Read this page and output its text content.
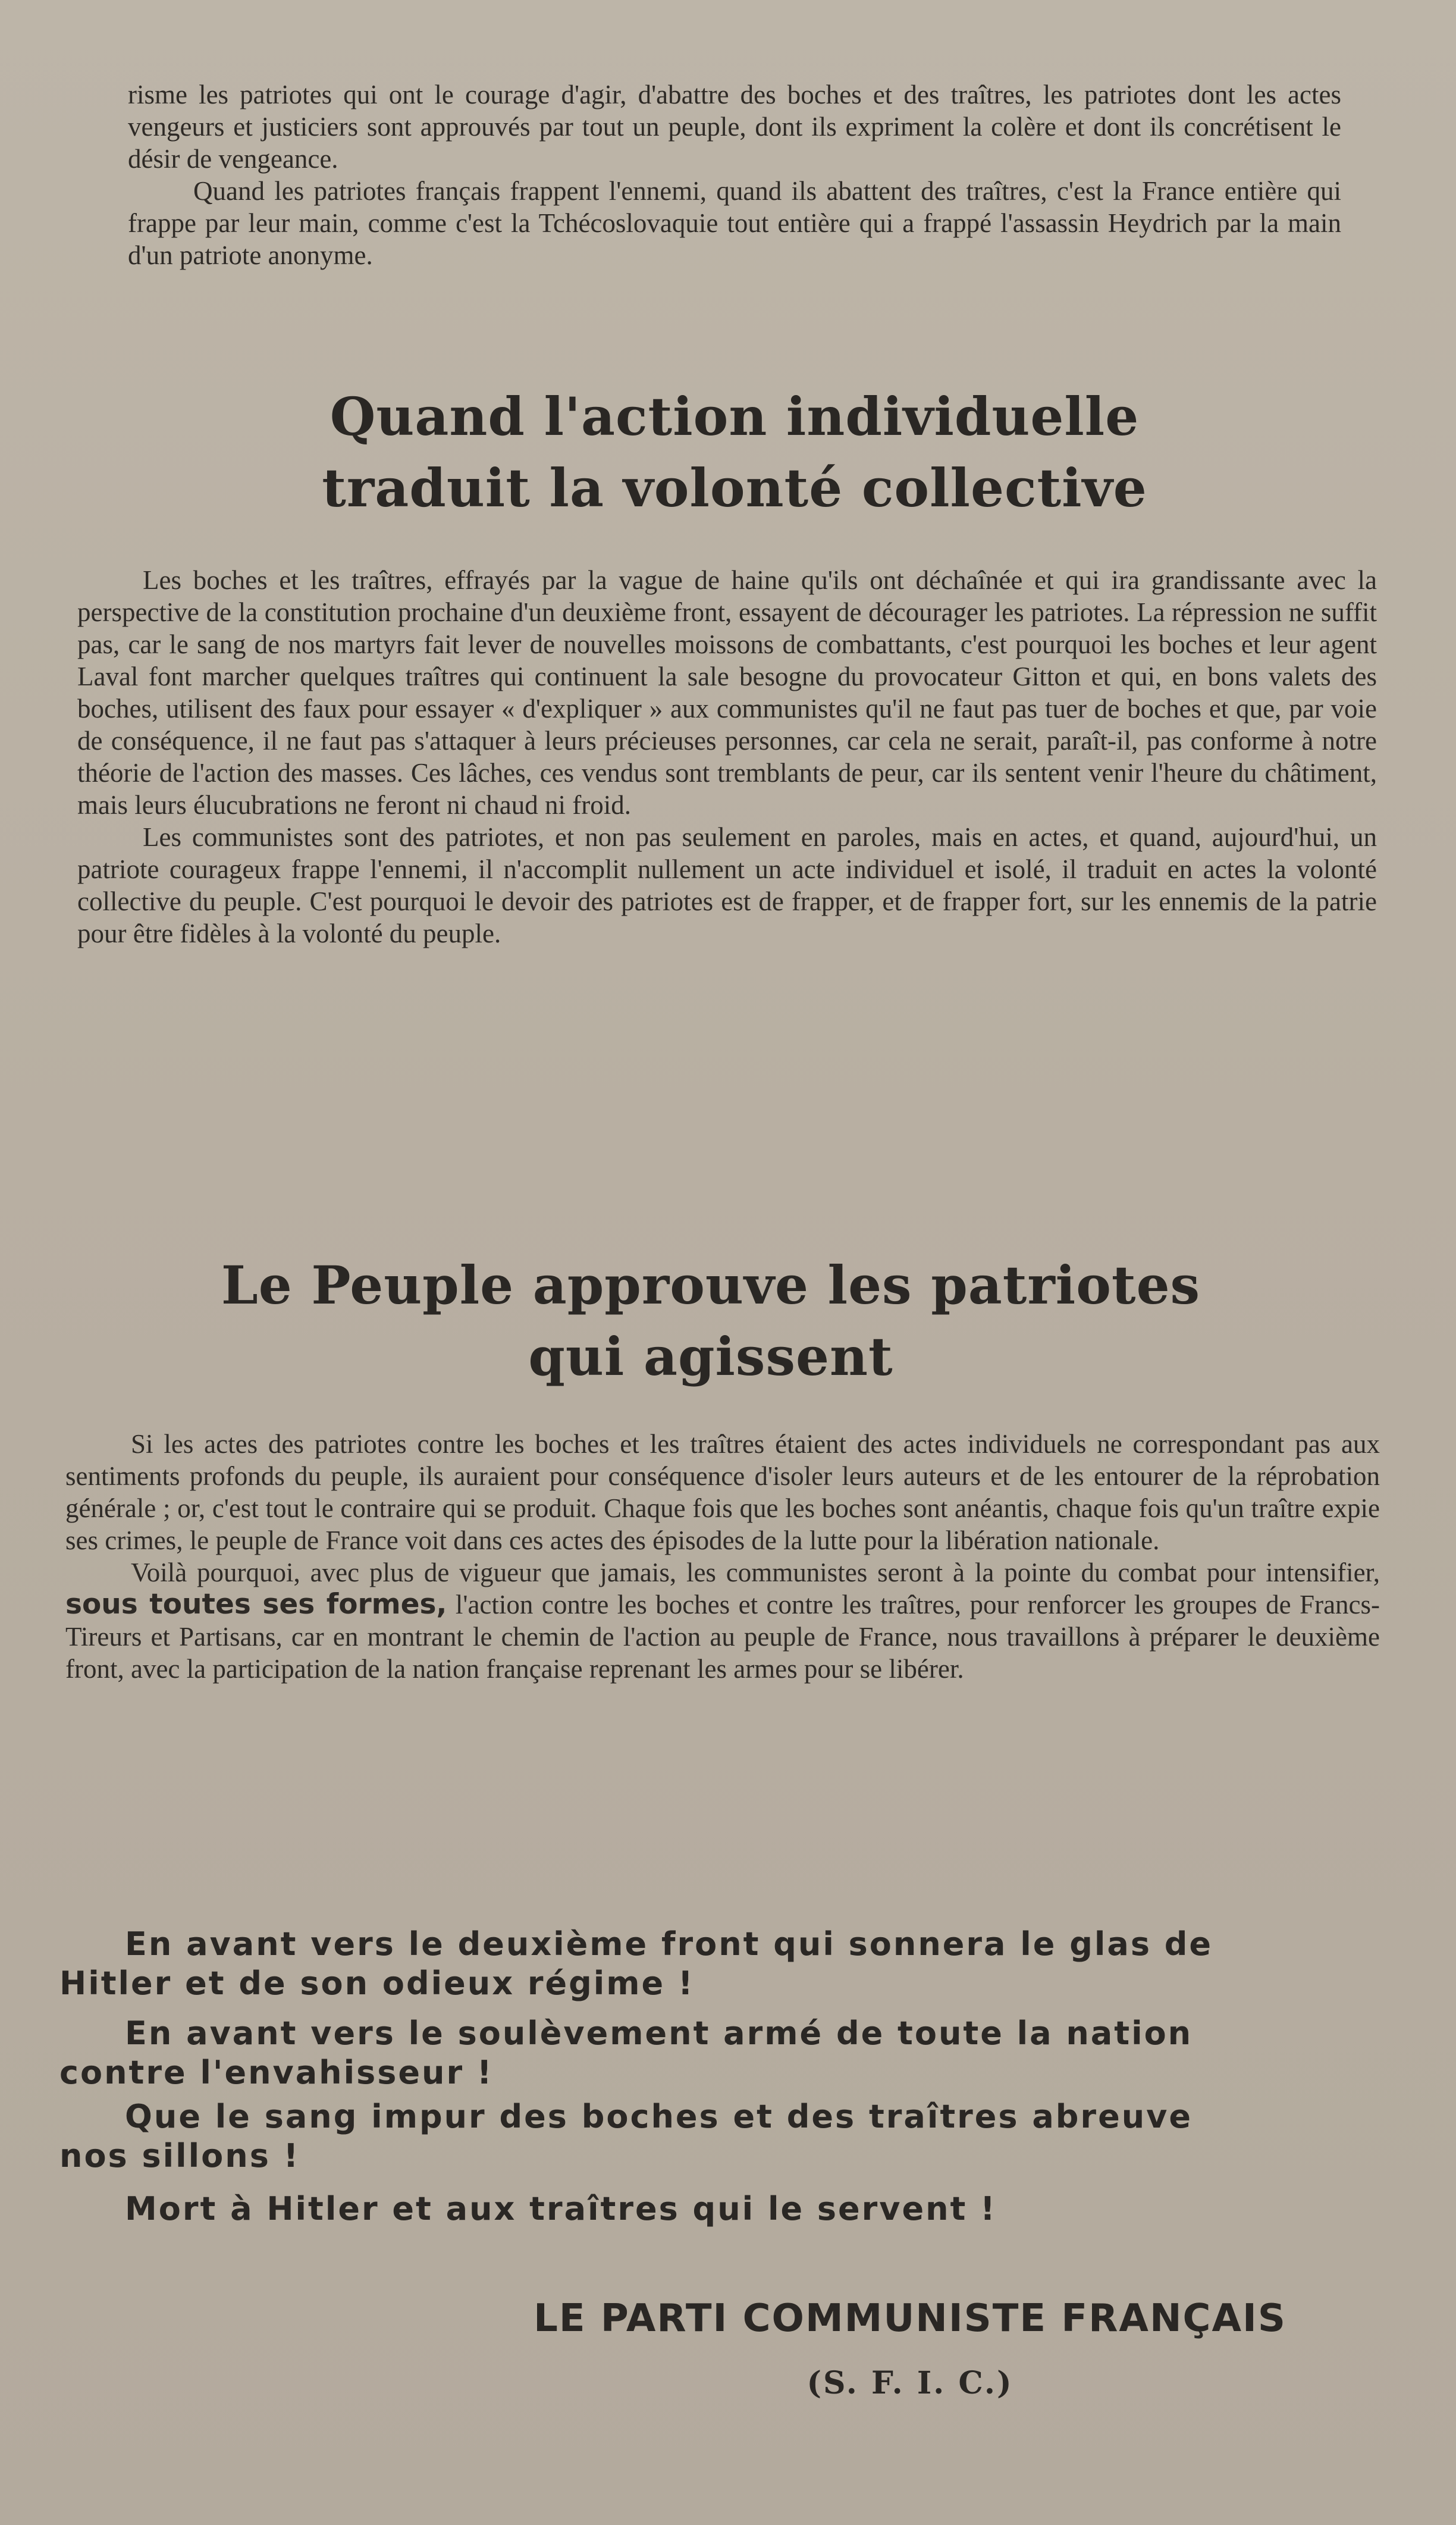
risme les patriotes qui ont le courage d'agir, d'abattre des boches et des traîtres, les patriotes dont les actes vengeurs et justiciers sont approuvés par tout un peuple, dont ils expriment la colère et dont ils concrétisent le désir de vengeance.

Quand les patriotes français frappent l'ennemi, quand ils abattent des traîtres, c'est la France entière qui frappe par leur main, comme c'est la Tchécoslovaquie tout entière qui a frappé l'assassin Heydrich par la main d'un patriote anonyme.

Quand l'action individuelle
traduit la volonté collective

Les boches et les traîtres, effrayés par la vague de haine qu'ils ont déchaînée et qui ira grandissante avec la perspective de la constitution prochaine d'un deuxième front, essayent de décourager les patriotes. La répression ne suffit pas, car le sang de nos martyrs fait lever de nouvelles moissons de combattants, c'est pourquoi les boches et leur agent Laval font marcher quelques traîtres qui continuent la sale besogne du provocateur Gitton et qui, en bons valets des boches, utilisent des faux pour essayer « d'expliquer » aux communistes qu'il ne faut pas tuer de boches et que, par voie de conséquence, il ne faut pas s'attaquer à leurs précieuses personnes, car cela ne serait, paraît-il, pas conforme à notre théorie de l'action des masses. Ces lâches, ces vendus sont tremblants de peur, car ils sentent venir l'heure du châtiment, mais leurs élucubrations ne feront ni chaud ni froid.

Les communistes sont des patriotes, et non pas seulement en paroles, mais en actes, et quand, aujourd'hui, un patriote courageux frappe l'ennemi, il n'accomplit nullement un acte individuel et isolé, il traduit en actes la volonté collective du peuple. C'est pourquoi le devoir des patriotes est de frapper, et de frapper fort, sur les ennemis de la patrie pour être fidèles à la volonté du peuple.

Le Peuple approuve les patriotes
qui agissent

Si les actes des patriotes contre les boches et les traîtres étaient des actes individuels ne correspondant pas aux sentiments profonds du peuple, ils auraient pour conséquence d'isoler leurs auteurs et de les entourer de la réprobation générale ; or, c'est tout le contraire qui se produit. Chaque fois que les boches sont anéantis, chaque fois qu'un traître expie ses crimes, le peuple de France voit dans ces actes des épisodes de la lutte pour la libération nationale.

Voilà pourquoi, avec plus de vigueur que jamais, les communistes seront à la pointe du combat pour intensifier, sous toutes ses formes, l'action contre les boches et contre les traîtres, pour renforcer les groupes de Francs-Tireurs et Partisans, car en montrant le chemin de l'action au peuple de France, nous travaillons à préparer le deuxième front, avec la participation de la nation française reprenant les armes pour se libérer.

En avant vers le deuxième front qui sonnera le glas de
Hitler et de son odieux régime !

En avant vers le soulèvement armé de toute la nation
contre l'envahisseur !

Que le sang impur des boches et des traîtres abreuve
nos sillons !

Mort à Hitler et aux traîtres qui le servent !

LE PARTI COMMUNISTE FRANÇAIS

(S. F. I. C.)
